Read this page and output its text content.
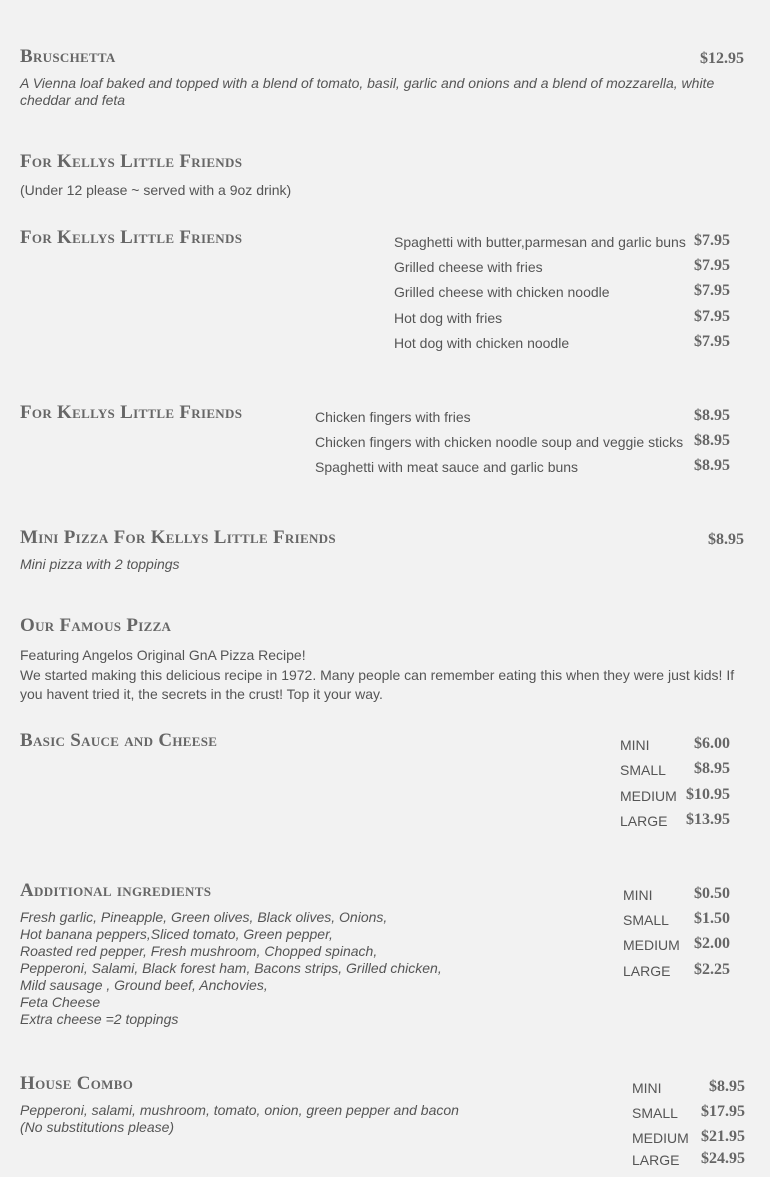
Bruschetta	$12.95
A Vienna loaf baked and topped with a blend of tomato, basil, garlic and onions and a blend of mozzarella, white cheddar and feta
For Kellys Little Friends
(Under 12 please ~ served with a 9oz drink)
For Kellys Little Friends	Spaghetti with butter,parmesan and garlic buns $7.95
Grilled cheese with fries	$7.95
Grilled cheese with chicken noodle	$7.95
Hot dog with fries	$7.95
Hot dog with chicken noodle	$7.95
For Kellys Little Friends	Chicken fingers with fries	$8.95
Chicken fingers with chicken noodle soup and veggie sticks $8.95
Spaghetti with meat sauce and garlic buns	$8.95
Mini Pizza For Kellys Little Friends	$8.95
Mini pizza with 2 toppings
Our Famous Pizza
Featuring Angelos Original GnA Pizza Recipe!
We started making this delicious recipe in 1972. Many people can remember eating this when they were just kids! If you havent tried it, the secrets in the crust! Top it your way.
Basic Sauce and Cheese	MINI	$6.00
SMALL $8.95
MEDIUM $10.95
LARGE $13.95
Additional ingredients
Fresh garlic, Pineapple, Green olives, Black olives, Onions,
Hot banana peppers,Sliced tomato, Green pepper,
Roasted red pepper, Fresh mushroom, Chopped spinach,
Pepperoni, Salami, Black forest ham, Bacons strips, Grilled chicken,
Mild sausage , Ground beef, Anchovies,
Feta Cheese
Extra cheese =2 toppings
MINI	$0.50
SMALL $1.50
MEDIUM $2.00
LARGE $2.25
House Combo
Pepperoni, salami, mushroom, tomato, onion, green pepper and bacon
(No substitutions please)
MINI	$8.95
SMALL $17.95
MEDIUM $21.95
LARGE $24.95
